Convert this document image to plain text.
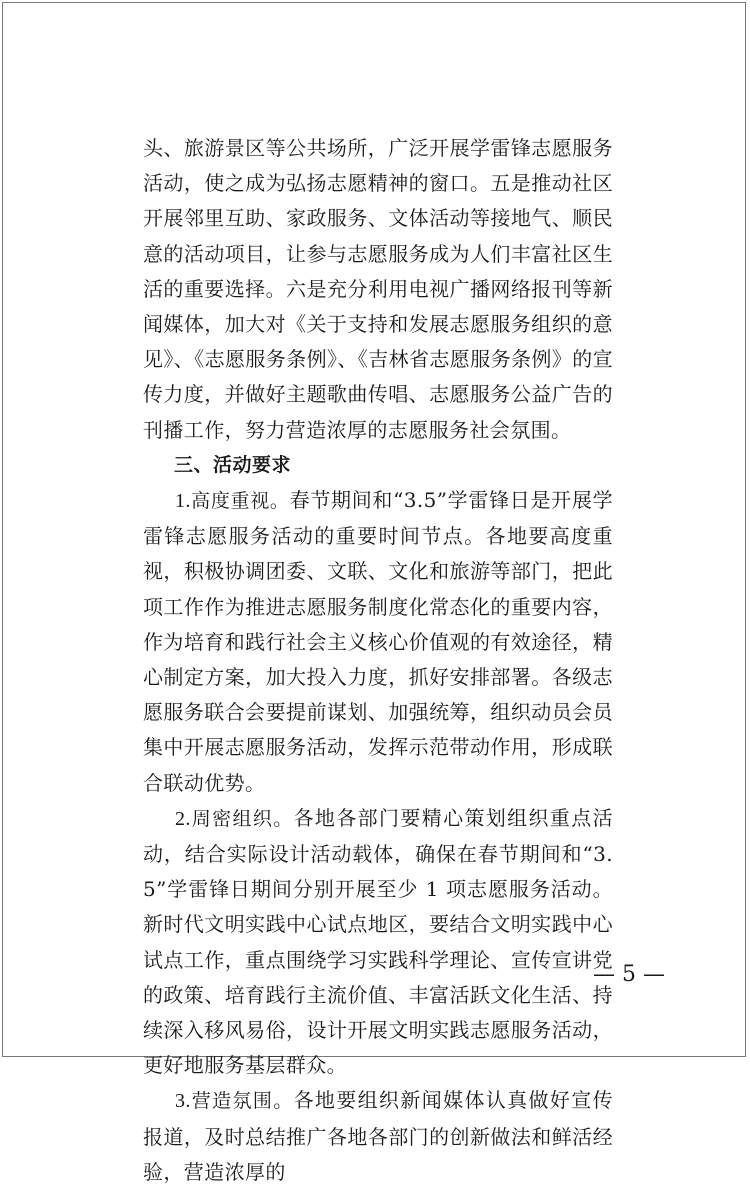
头、旅游景区等公共场所，广泛开展学雷锋志愿服务活动，使之成为弘扬志愿精神的窗口。五是推动社区开展邻里互助、家政服务、文体活动等接地气、顺民意的活动项目，让参与志愿服务成为人们丰富社区生活的重要选择。六是充分利用电视广播网络报刊等新闻媒体，加大对《关于支持和发展志愿服务组织的意见》、《志愿服务条例》、《吉林省志愿服务条例》的宣传力度，并做好主题歌曲传唱、志愿服务公益广告的刊播工作，努力营造浓厚的志愿服务社会氛围。

三、活动要求

1.高度重视。春节期间和“3.5”学雷锋日是开展学雷锋志愿服务活动的重要时间节点。各地要高度重视，积极协调团委、文联、文化和旅游等部门，把此项工作作为推进志愿服务制度化常态化的重要内容，作为培育和践行社会主义核心价值观的有效途径，精心制定方案，加大投入力度，抓好安排部署。各级志愿服务联合会要提前谋划、加强统筹，组织动员会员集中开展志愿服务活动，发挥示范带动作用，形成联合联动优势。

2.周密组织。各地各部门要精心策划组织重点活动，结合实际设计活动载体，确保在春节期间和“3.5”学雷锋日期间分别开展至少 1 项志愿服务活动。新时代文明实践中心试点地区，要结合文明实践中心试点工作，重点围绕学习实践科学理论、宣传宣讲党的政策、培育践行主流价值、丰富活跃文化生活、持续深入移风易俗，设计开展文明实践志愿服务活动，更好地服务基层群众。

3.营造氛围。各地要组织新闻媒体认真做好宣传报道，及时总结推广各地各部门的创新做法和鲜活经验，营造浓厚的

— 5 —
